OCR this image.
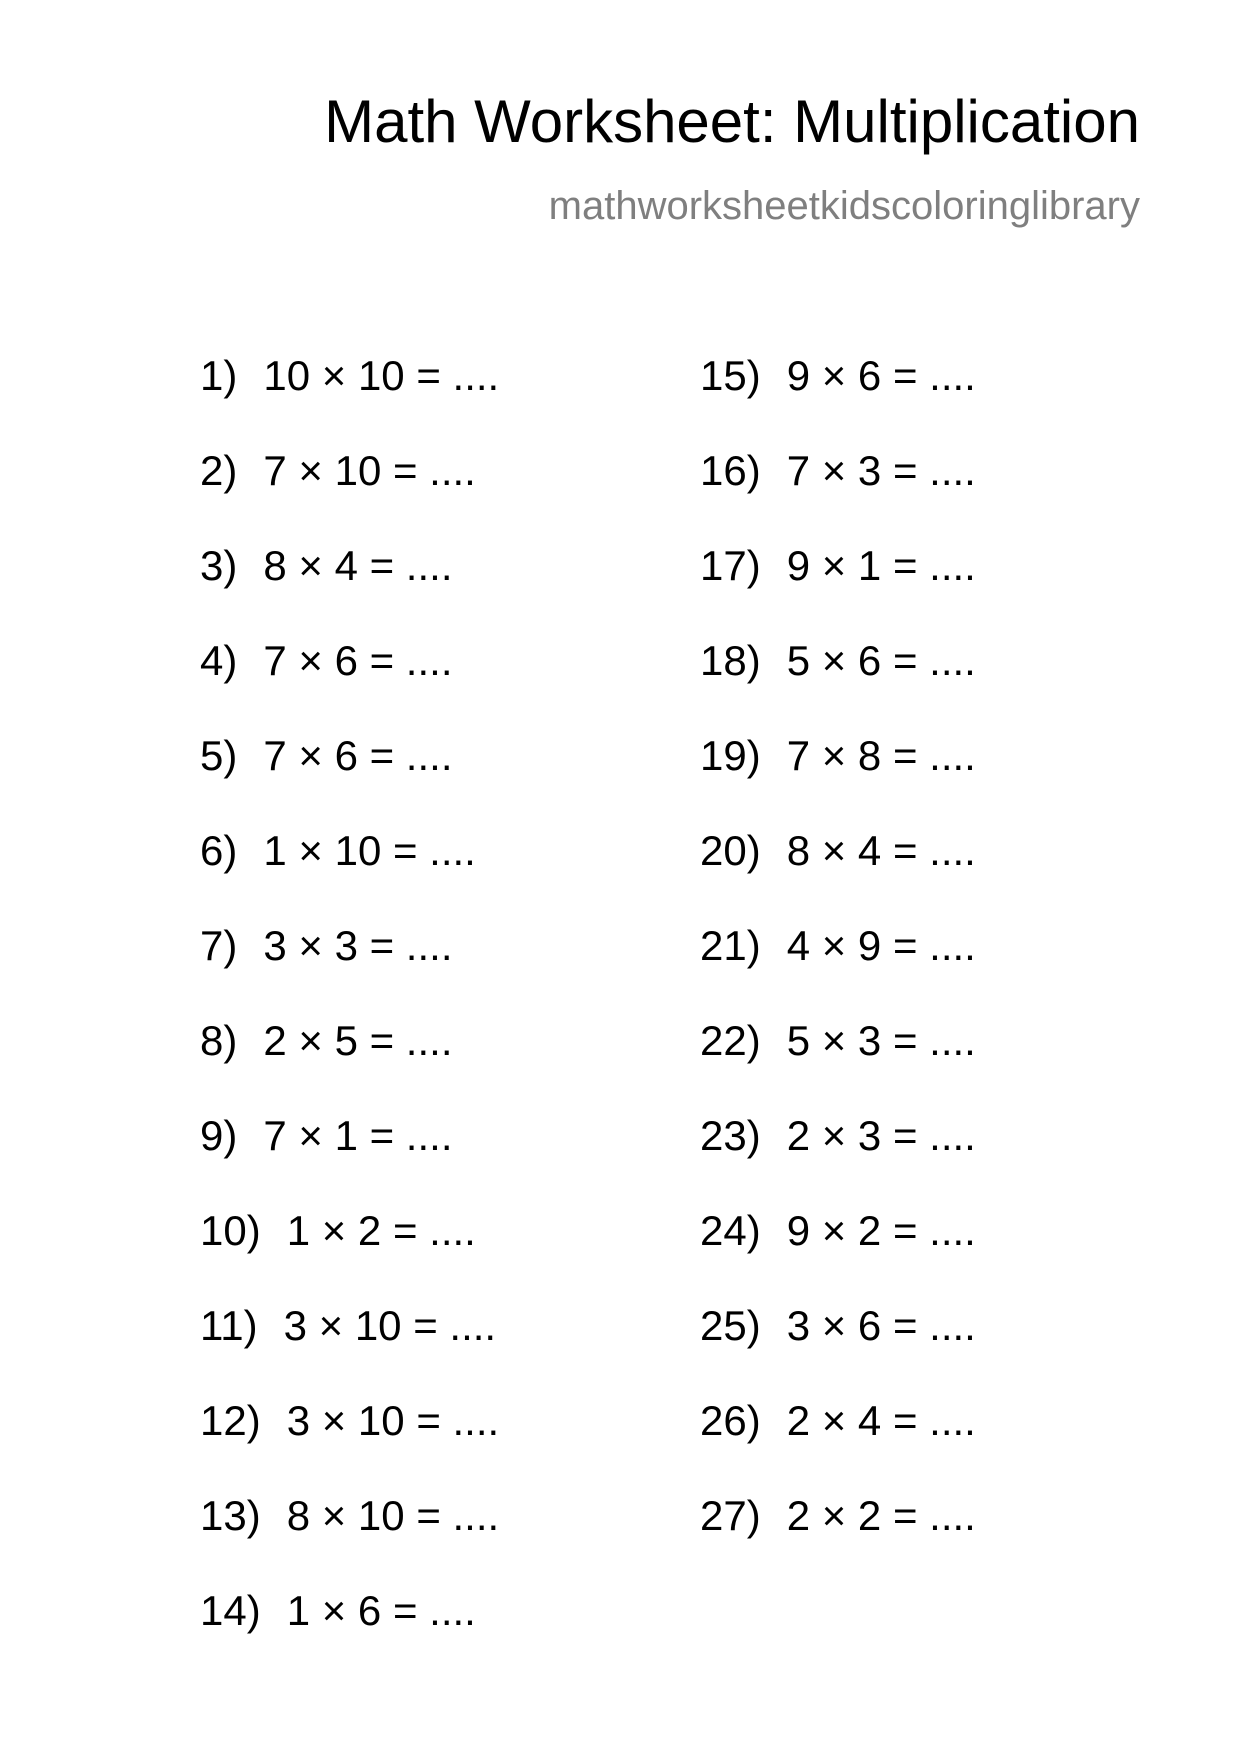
Math Worksheet: Multiplication
mathworksheetkidscoloringlibrary
1) 10 × 10 = ....
2) 7 × 10 = ....
3) 8 × 4 = ....
4) 7 × 6 = ....
5) 7 × 6 = ....
6) 1 × 10 = ....
7) 3 × 3 = ....
8) 2 × 5 = ....
9) 7 × 1 = ....
10) 1 × 2 = ....
11) 3 × 10 = ....
12) 3 × 10 = ....
13) 8 × 10 = ....
14) 1 × 6 = ....
15) 9 × 6 = ....
16) 7 × 3 = ....
17) 9 × 1 = ....
18) 5 × 6 = ....
19) 7 × 8 = ....
20) 8 × 4 = ....
21) 4 × 9 = ....
22) 5 × 3 = ....
23) 2 × 3 = ....
24) 9 × 2 = ....
25) 3 × 6 = ....
26) 2 × 4 = ....
27) 2 × 2 = ....
